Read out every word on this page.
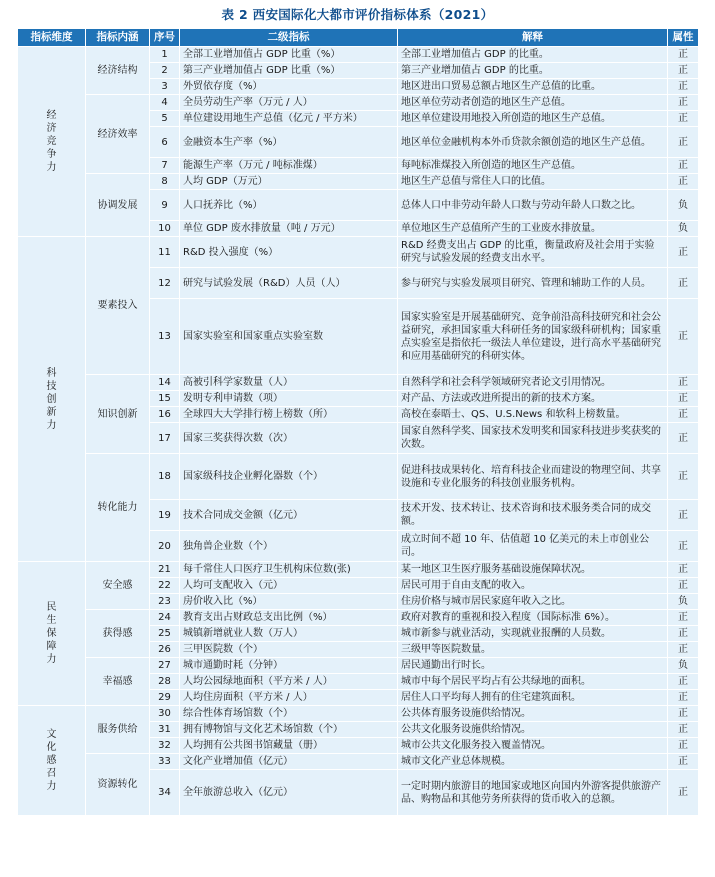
表 2 西安国际化大都市评价指标体系（2021）
指标维度	指标内涵	序号	二级指标	解释	属性
经济竞争力	经济结构	1	全部工业增加值占 GDP 比重（%）	全部工业增加值占 GDP 的比重。	正
		2	第三产业增加值占 GDP 比重（%）	第三产业增加值占 GDP 的比重。	正
		3	外贸依存度（%）	地区进出口贸易总额占地区生产总值的比重。	正
	经济效率	4	全员劳动生产率（万元 / 人）	地区单位劳动者创造的地区生产总值。	正
		5	单位建设用地生产总值（亿元 / 平方米）	地区单位建设用地投入所创造的地区生产总值。	正
		6	金融资本生产率（%）	地区单位金融机构本外币贷款余额创造的地区生产总值。	正
		7	能源生产率（万元 / 吨标准煤）	每吨标准煤投入所创造的地区生产总值。	正
	协调发展	8	人均 GDP（万元）	地区生产总值与常住人口的比值。	正
		9	人口抚养比（%）	总体人口中非劳动年龄人口数与劳动年龄人口数之比。	负
		10	单位 GDP 废水排放量（吨 / 万元）	单位地区生产总值所产生的工业废水排放量。	负
科技创新力	要素投入	11	R&D 投入强度（%）	R&D 经费支出占 GDP 的比重，衡量政府及社会用于实验研究与试验发展的经费支出水平。	正
		12	研究与试验发展（R&D）人员（人）	参与研究与实验发展项目研究、管理和辅助工作的人员。	正
		13	国家实验室和国家重点实验室数	国家实验室是开展基础研究、竞争前沿高科技研究和社会公益研究，承担国家重大科研任务的国家级科研机构；国家重点实验室是指依托一级法人单位建设，进行高水平基础研究和应用基础研究的科研实体。	正
	知识创新	14	高被引科学家数量（人）	自然科学和社会科学领域研究者论文引用情况。	正
		15	发明专利申请数（项）	对产品、方法或改进所提出的新的技术方案。	正
		16	全球四大大学排行榜上榜数（所）	高校在泰晤士、QS、U.S.News 和软科上榜数量。	正
		17	国家三奖获得次数（次）	国家自然科学奖、国家技术发明奖和国家科技进步奖获奖的次数。	正
	转化能力	18	国家级科技企业孵化器数（个）	促进科技成果转化、培育科技企业而建设的物理空间、共享设施和专业化服务的科技创业服务机构。	正
		19	技术合同成交金额（亿元）	技术开发、技术转让、技术咨询和技术服务类合同的成交额。	正
		20	独角兽企业数（个）	成立时间不超 10 年、估值超 10 亿美元的未上市创业公司。	正
民生保障力	安全感	21	每千常住人口医疗卫生机构床位数(张)	某一地区卫生医疗服务基础设施保障状况。	正
		22	人均可支配收入（元）	居民可用于自由支配的收入。	正
		23	房价收入比（%）	住房价格与城市居民家庭年收入之比。	负
	获得感	24	教育支出占财政总支出比例（%）	政府对教育的重视和投入程度（国际标准 6%）。	正
		25	城镇新增就业人数（万人）	城市新参与就业活动，实现就业报酬的人员数。	正
		26	三甲医院数（个）	三级甲等医院数量。	正
	幸福感	27	城市通勤时耗（分钟）	居民通勤出行时长。	负
		28	人均公园绿地面积（平方米 / 人）	城市中每个居民平均占有公共绿地的面积。	正
		29	人均住房面积（平方米 / 人）	居住人口平均每人拥有的住宅建筑面积。	正
文化感召力	服务供给	30	综合性体育场馆数（个）	公共体育服务设施供给情况。	正
		31	拥有博物馆与文化艺术场馆数（个）	公共文化服务设施供给情况。	正
		32	人均拥有公共图书馆藏量（册）	城市公共文化服务投入覆盖情况。	正
	资源转化	33	文化产业增加值（亿元）	城市文化产业总体规模。	正
		34	全年旅游总收入（亿元）	一定时期内旅游目的地国家或地区向国内外游客提供旅游产品、购物品和其他劳务所获得的货币收入的总额。	正
